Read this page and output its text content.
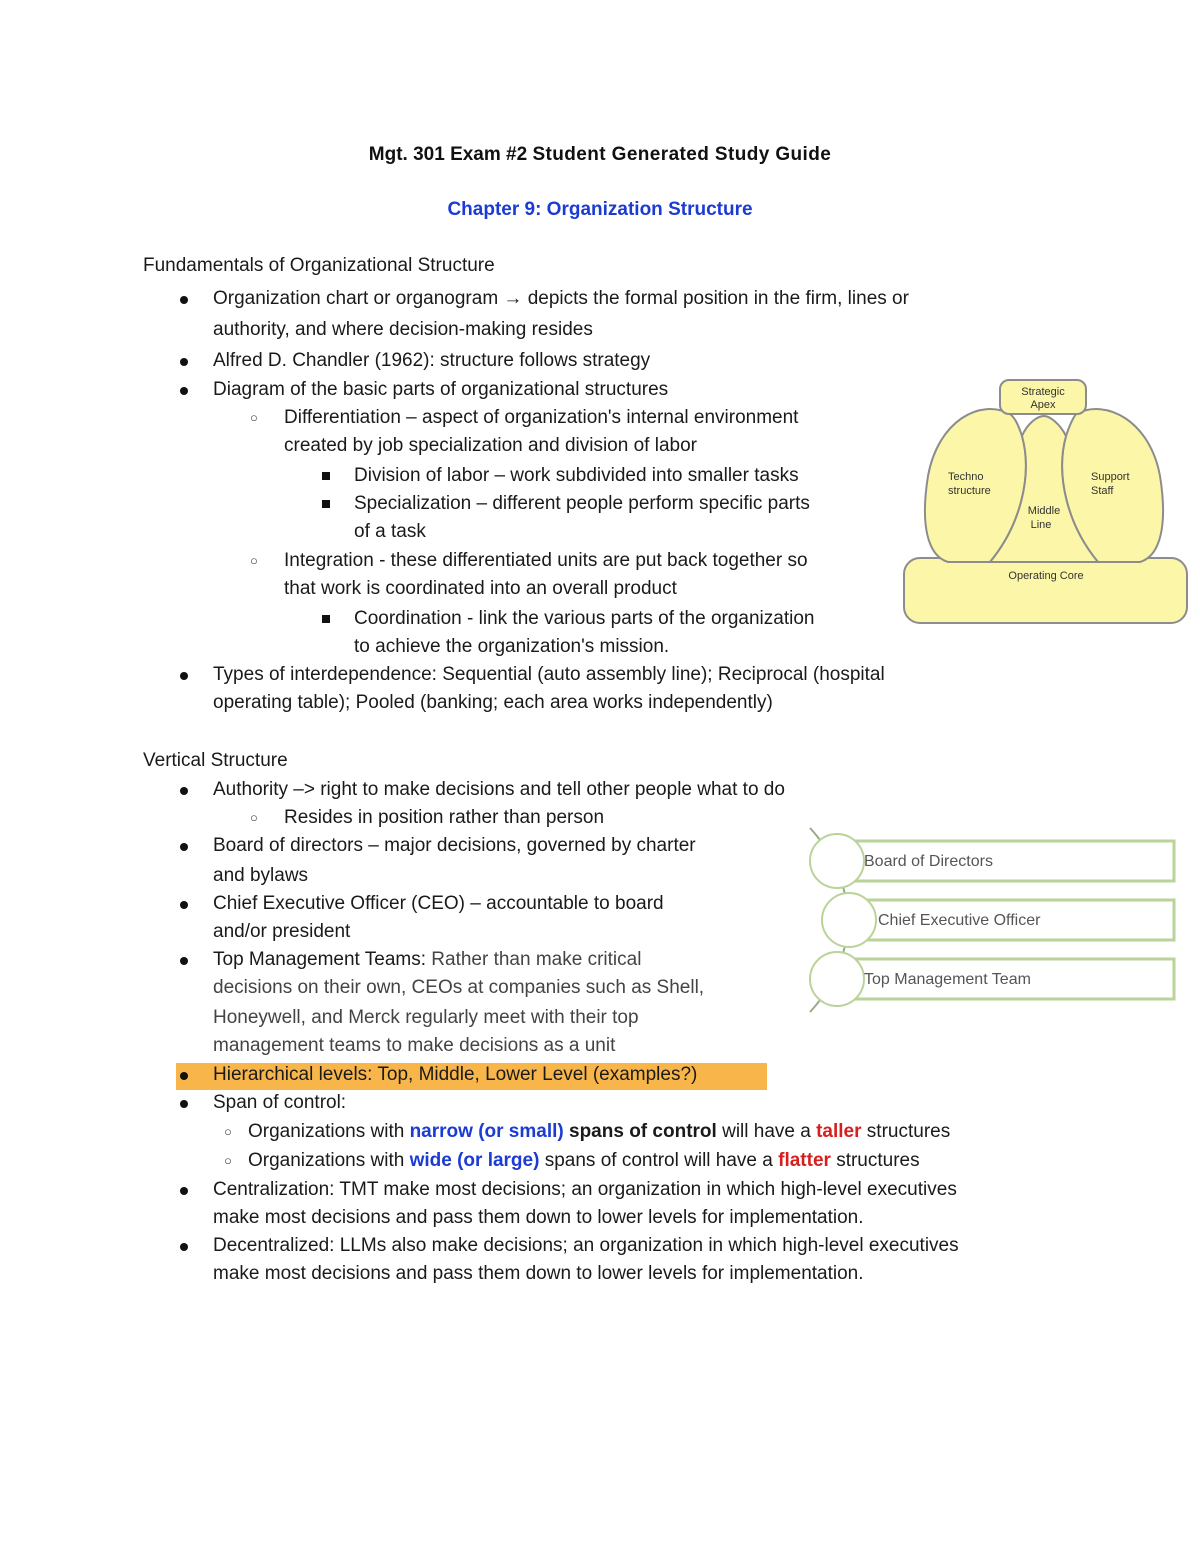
Mgt. 301 Exam #2 Student Generated Study Guide
Chapter 9: Organization Structure
Fundamentals of Organizational Structure
Organization chart or organogram → depicts the formal position in the firm, lines or
authority, and where decision-making resides
Alfred D. Chandler (1962): structure follows strategy
Diagram of the basic parts of organizational structures
○ Differentiation – aspect of organization's internal environment
created by job specialization and division of labor
Division of labor – work subdivided into smaller tasks
Specialization – different people perform specific parts
of a task
○ Integration - these differentiated units are put back together so
that work is coordinated into an overall product
Coordination - link the various parts of the organization
to achieve the organization's mission.
Types of interdependence: Sequential (auto assembly line); Reciprocal (hospital
operating table); Pooled (banking; each area works independently)
Strategic
Apex
Techno
structure
Support
Staff
Middle
Line
Operating Core
Vertical Structure
Authority –> right to make decisions and tell other people what to do
○ Resides in position rather than person
Board of directors – major decisions, governed by charter
and bylaws
Chief Executive Officer (CEO) – accountable to board
and/or president
Top Management Teams: Rather than make critical
decisions on their own, CEOs at companies such as Shell,
Honeywell, and Merck regularly meet with their top
management teams to make decisions as a unit
Hierarchical levels: Top, Middle, Lower Level (examples?)
Span of control:
○ Organizations with narrow (or small) spans of control will have a taller structures
○ Organizations with wide (or large) spans of control will have a flatter structures
Centralization: TMT make most decisions; an organization in which high-level executives
make most decisions and pass them down to lower levels for implementation.
Decentralized: LLMs also make decisions; an organization in which high-level executives
make most decisions and pass them down to lower levels for implementation.
Board of Directors
Chief Executive Officer
Top Management Team
